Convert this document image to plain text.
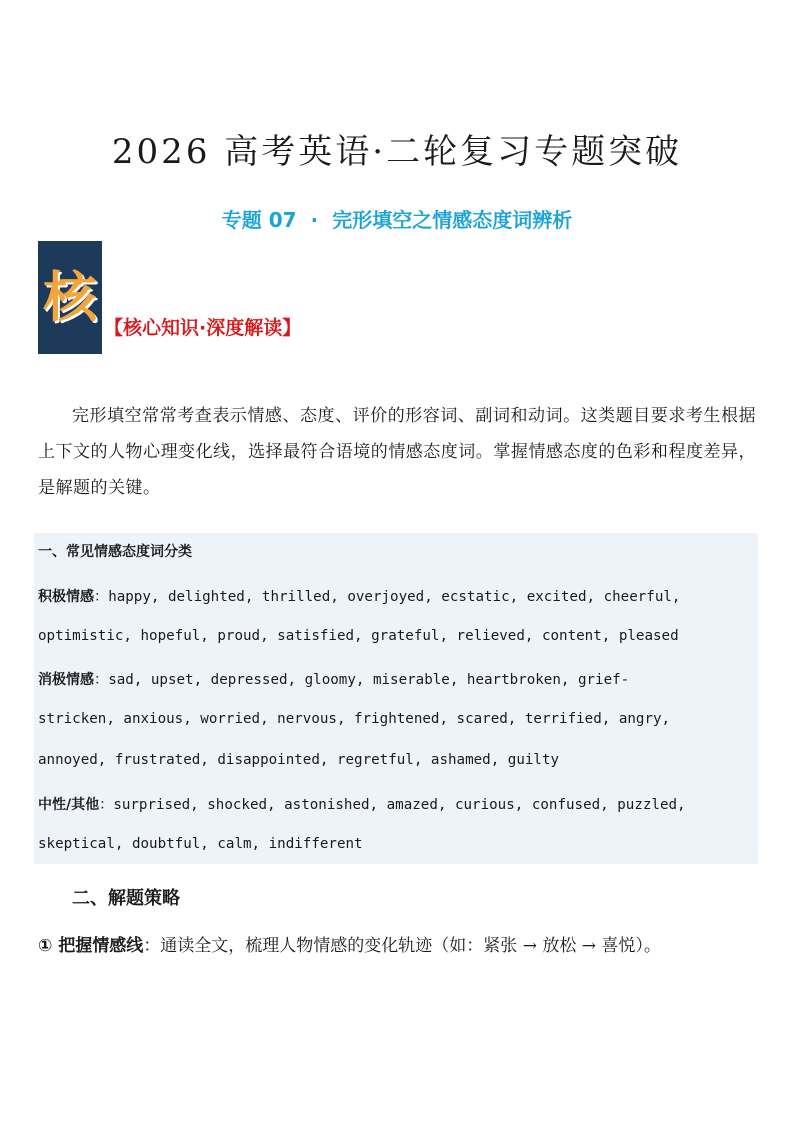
2026 高考英语·二轮复习专题突破
专题 07 · 完形填空之情感态度词辨析
核 【核心知识·深度解读】
完形填空常常考查表示情感、态度、评价的形容词、副词和动词。这类题目要求考生根据上下文的人物心理变化线，选择最符合语境的情感态度词。掌握情感态度的色彩和程度差异，是解题的关键。
一、常见情感态度词分类
积极情感：happy, delighted, thrilled, overjoyed, ecstatic, excited, cheerful,
optimistic, hopeful, proud, satisfied, grateful, relieved, content, pleased
消极情感：sad, upset, depressed, gloomy, miserable, heartbroken, grief-
stricken, anxious, worried, nervous, frightened, scared, terrified, angry,
annoyed, frustrated, disappointed, regretful, ashamed, guilty
中性/其他：surprised, shocked, astonished, amazed, curious, confused, puzzled,
skeptical, doubtful, calm, indifferent
二、解题策略
① 把握情感线：通读全文，梳理人物情感的变化轨迹（如：紧张 → 放松 → 喜悦）。
